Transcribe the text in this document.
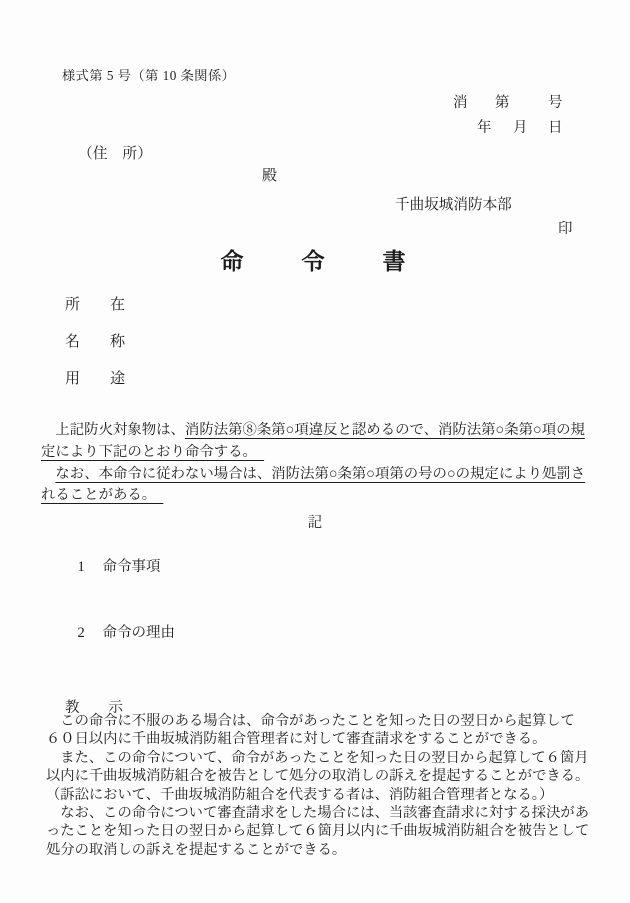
様式第 5 号（第 10 条関係）
消 第	号
年 月 日
（住　所）
殿
千曲坂城消防本部
印
命　　令　　書
所　　在
名　　称
用　　途
　上記防火対象物は、消防法第⑧条第○項違反と認めるので、消防法第○条第○項の規
定により下記のとおり命令する。　
　なお、本命令に従わない場合は、消防法第○条第○項第の号の○の規定により処罰さ
れることがある。　
記

1 命令事項

2 命令の理由

教　　示
　この命令に不服のある場合は、命令があったことを知った日の翌日から起算して
６０日以内に千曲坂城消防組合管理者に対して審査請求をすることができる。
　また、この命令について、命令があったことを知った日の翌日から起算して６箇月
以内に千曲坂城消防組合を被告として処分の取消しの訴えを提起することができる。
（訴訟において、千曲坂城消防組合を代表する者は、消防組合管理者となる。）
　なお、この命令について審査請求をした場合には、当該審査請求に対する採決があ
ったことを知った日の翌日から起算して６箇月以内に千曲坂城消防組合を被告として
処分の取消しの訴えを提起することができる。
